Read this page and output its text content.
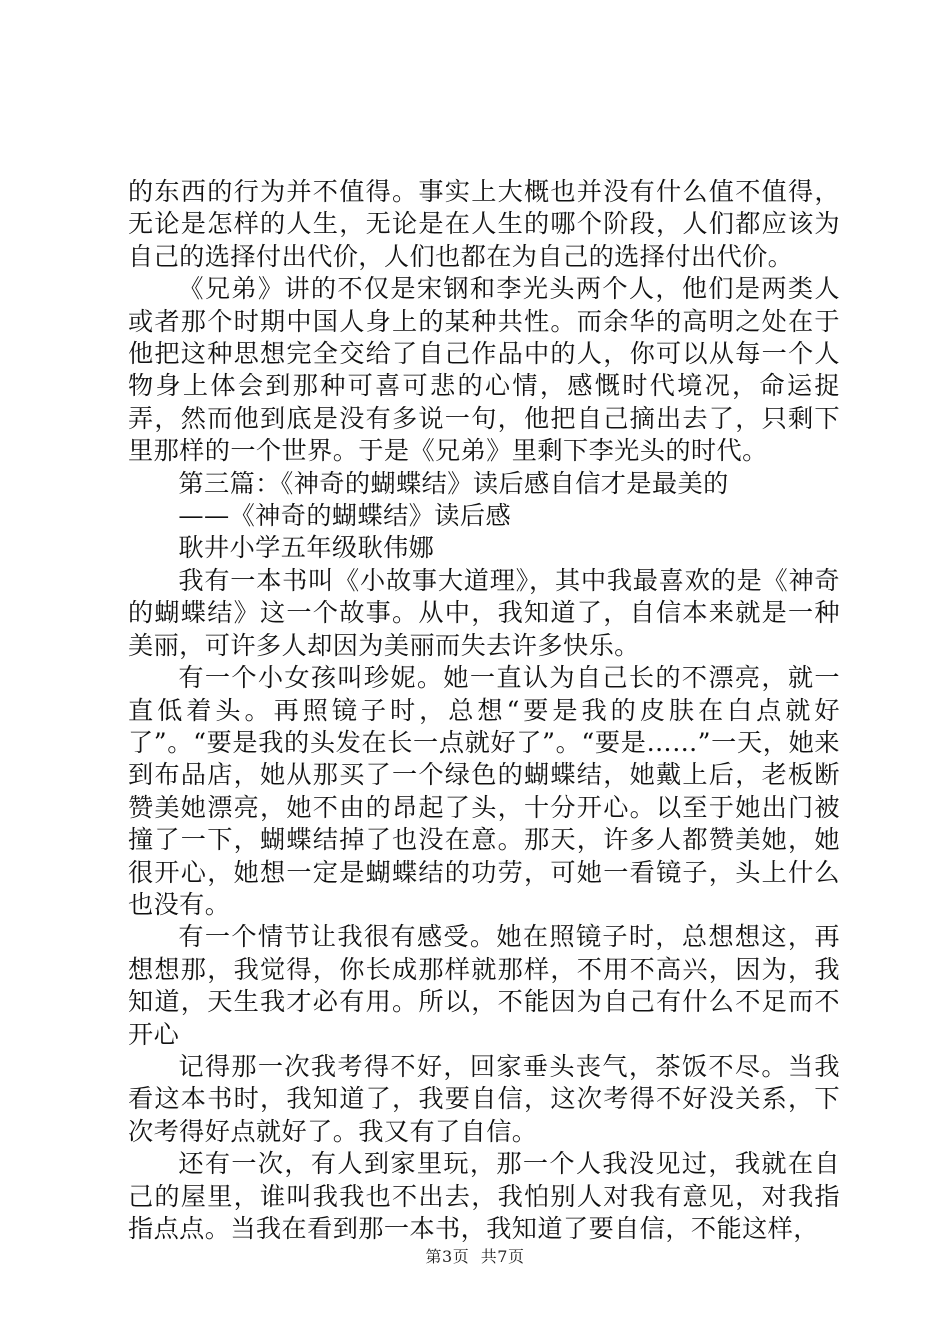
的东西的行为并不值得。事实上大概也并没有什么值不值得，无论是怎样的人生，无论是在人生的哪个阶段，人们都应该为自己的选择付出代价，人们也都在为自己的选择付出代价。

《兄弟》讲的不仅是宋钢和李光头两个人，他们是两类人或者那个时期中国人身上的某种共性。而余华的高明之处在于他把这种思想完全交给了自己作品中的人，你可以从每一个人物身上体会到那种可喜可悲的心情，感慨时代境况，命运捉弄，然而他到底是没有多说一句，他把自己摘出去了，只剩下里那样的一个世界。于是《兄弟》里剩下李光头的时代。

第三篇：《神奇的蝴蝶结》读后感自信才是最美的

——《神奇的蝴蝶结》读后感

耿井小学五年级耿伟娜

我有一本书叫《小故事大道理》，其中我最喜欢的是《神奇的蝴蝶结》这一个故事。从中，我知道了，自信本来就是一种美丽，可许多人却因为美丽而失去许多快乐。

有一个小女孩叫珍妮。她一直认为自己长的不漂亮，就一直低着头。再照镜子时，总想“要是我的皮肤在白点就好了”。“要是我的头发在长一点就好了”。“要是……”一天，她来到布品店，她从那买了一个绿色的蝴蝶结，她戴上后，老板断赞美她漂亮，她不由的昂起了头，十分开心。以至于她出门被撞了一下，蝴蝶结掉了也没在意。那天，许多人都赞美她，她很开心，她想一定是蝴蝶结的功劳，可她一看镜子，头上什么也没有。

有一个情节让我很有感受。她在照镜子时，总想想这，再想想那，我觉得，你长成那样就那样，不用不高兴，因为，我知道，天生我才必有用。所以，不能因为自己有什么不足而不开心

记得那一次我考得不好，回家垂头丧气，茶饭不尽。当我看这本书时，我知道了，我要自信，这次考得不好没关系，下次考得好点就好了。我又有了自信。

还有一次，有人到家里玩，那一个人我没见过，我就在自己的屋里，谁叫我我也不出去，我怕别人对我有意见，对我指指点点。当我在看到那一本书，我知道了要自信，不能这样，

第3页 共7页
